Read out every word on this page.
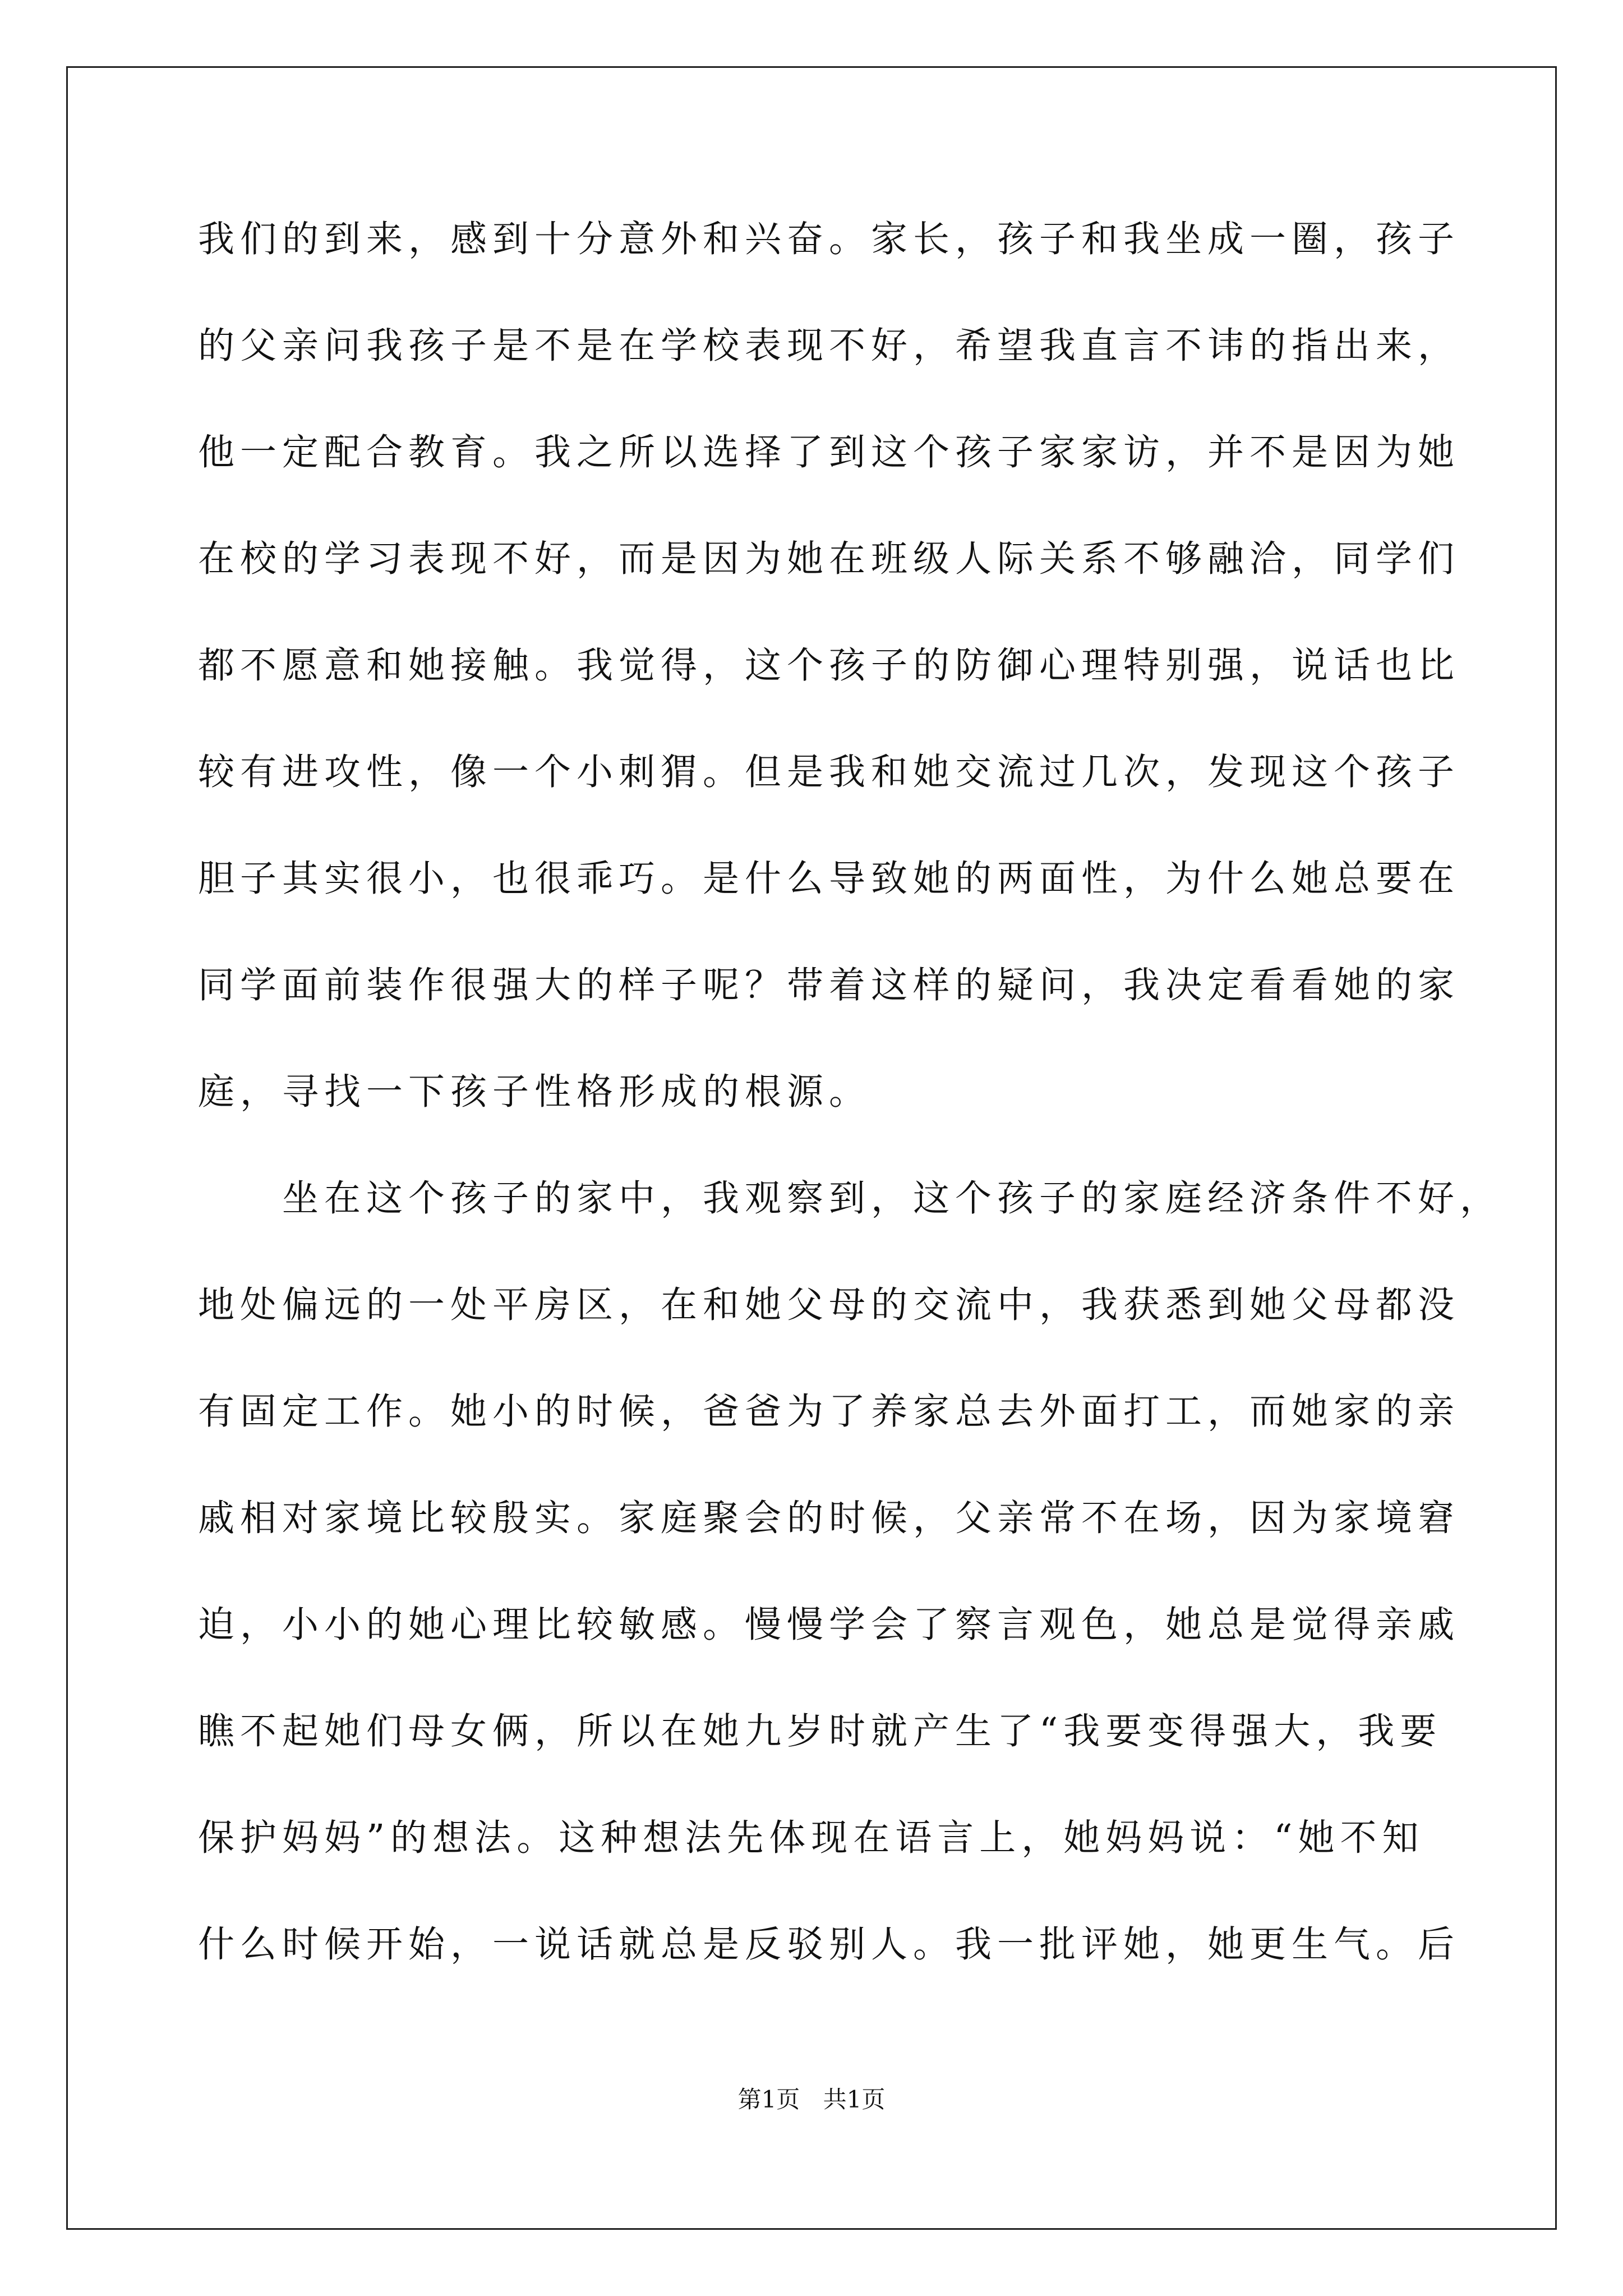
我们的到来，感到十分意外和兴奋。家长，孩子和我坐成一圈，孩子
的父亲问我孩子是不是在学校表现不好，希望我直言不讳的指出来，
他一定配合教育。我之所以选择了到这个孩子家家访，并不是因为她
在校的学习表现不好，而是因为她在班级人际关系不够融洽，同学们
都不愿意和她接触。我觉得，这个孩子的防御心理特别强，说话也比
较有进攻性，像一个小刺猬。但是我和她交流过几次，发现这个孩子
胆子其实很小，也很乖巧。是什么导致她的两面性，为什么她总要在
同学面前装作很强大的样子呢？带着这样的疑问，我决定看看她的家
庭，寻找一下孩子性格形成的根源。
坐在这个孩子的家中，我观察到，这个孩子的家庭经济条件不好，
地处偏远的一处平房区，在和她父母的交流中，我获悉到她父母都没
有固定工作。她小的时候，爸爸为了养家总去外面打工，而她家的亲
戚相对家境比较殷实。家庭聚会的时候，父亲常不在场，因为家境窘
迫，小小的她心理比较敏感。慢慢学会了察言观色，她总是觉得亲戚
瞧不起她们母女俩，所以在她九岁时就产生了“我要变得强大，我要
保护妈妈”的想法。这种想法先体现在语言上，她妈妈说：“她不知
什么时候开始，一说话就总是反驳别人。我一批评她，她更生气。后
第1页 共1页
